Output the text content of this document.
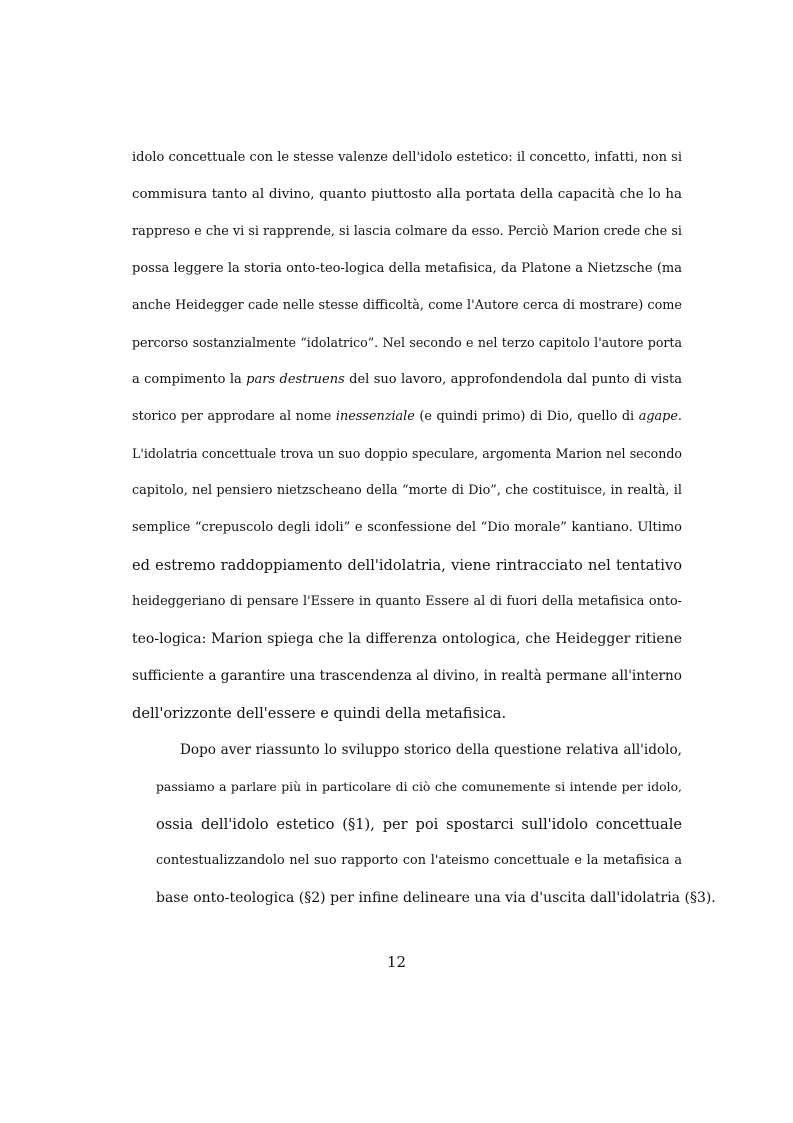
idolo concettuale con le stesse valenze dell'idolo estetico: il concetto, infatti, non si
commisura tanto al divino, quanto piuttosto alla portata della capacità che lo ha
rappreso e che vi si rapprende, si lascia colmare da esso. Perciò Marion crede che si
possa leggere la storia onto-teo-logica della metafisica, da Platone a Nietzsche (ma
anche Heidegger cade nelle stesse difficoltà, come l'Autore cerca di mostrare) come
percorso sostanzialmente “idolatrico”. Nel secondo e nel terzo capitolo l'autore porta
a compimento la pars destruens del suo lavoro, approfondendola dal punto di vista
storico per approdare al nome inessenziale (e quindi primo) di Dio, quello di agape.
L'idolatria concettuale trova un suo doppio speculare, argomenta Marion nel secondo
capitolo, nel pensiero nietzscheano della “morte di Dio”, che costituisce, in realtà, il
semplice “crepuscolo degli idoli” e sconfessione del “Dio morale” kantiano. Ultimo
ed estremo raddoppiamento dell'idolatria, viene rintracciato nel tentativo
heideggeriano di pensare l'Essere in quanto Essere al di fuori della metafisica onto-
teo-logica: Marion spiega che la differenza ontologica, che Heidegger ritiene
sufficiente a garantire una trascendenza al divino, in realtà permane all'interno
dell'orizzonte dell'essere e quindi della metafisica.
Dopo aver riassunto lo sviluppo storico della questione relativa all'idolo,
passiamo a parlare più in particolare di ciò che comunemente si intende per idolo,
ossia dell'idolo estetico (§1), per poi spostarci sull'idolo concettuale
contestualizzandolo nel suo rapporto con l'ateismo concettuale e la metafisica a
base onto-teologica (§2) per infine delineare una via d'uscita dall'idolatria (§3).
12
